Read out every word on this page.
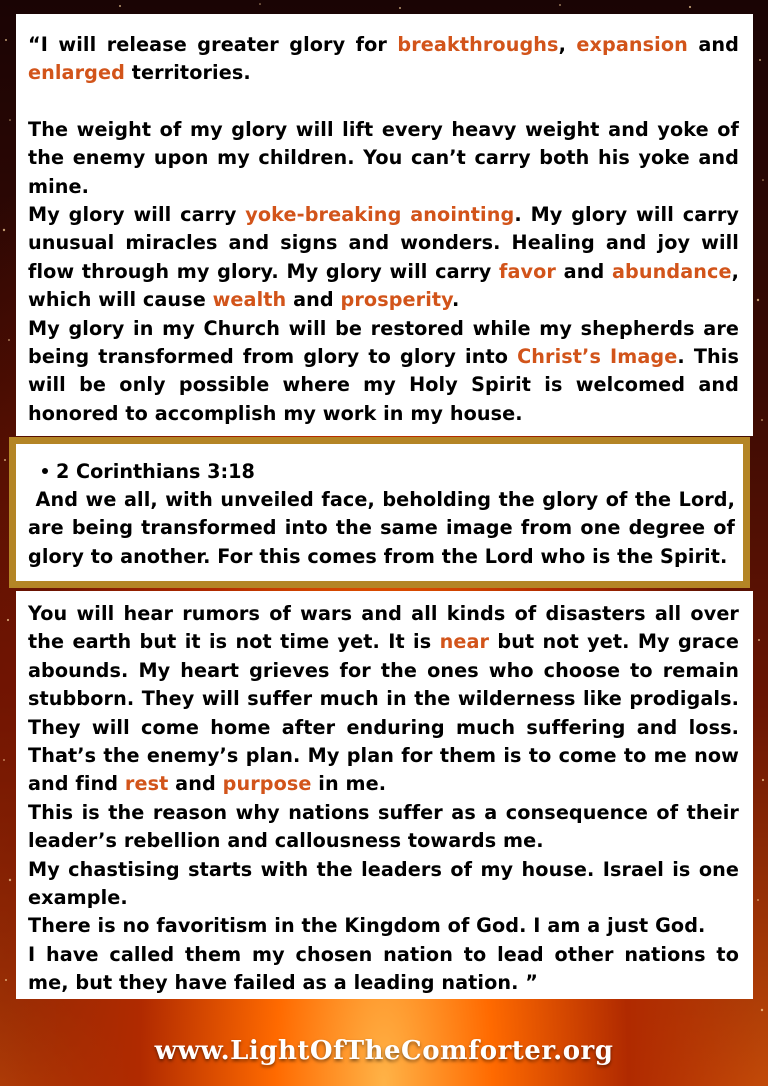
“I will release greater glory for breakthroughs, expansion and enlarged territories.

The weight of my glory will lift every heavy weight and yoke of the enemy upon my children. You can’t carry both his yoke and mine.

My glory will carry yoke-breaking anointing. My glory will carry unusual miracles and signs and wonders. Healing and joy will flow through my glory. My glory will carry favor and abundance, which will cause wealth and prosperity.

My glory in my Church will be restored while my shepherds are being transformed from glory to glory into Christ’s Image. This will be only possible where my Holy Spirit is welcomed and honored to accomplish my work in my house.

2 Corinthians 3:18

And we all, with unveiled face, beholding the glory of the Lord, are being transformed into the same image from one degree of glory to another. For this comes from the Lord who is the Spirit.

You will hear rumors of wars and all kinds of disasters all over the earth but it is not time yet. It is near but not yet. My grace abounds. My heart grieves for the ones who choose to remain stubborn. They will suffer much in the wilderness like prodigals. They will come home after enduring much suffering and loss. That’s the enemy’s plan. My plan for them is to come to me now and find rest and purpose in me.

This is the reason why nations suffer as a consequence of their leader’s rebellion and callousness towards me.

My chastising starts with the leaders of my house. Israel is one example.

There is no favoritism in the Kingdom of God. I am a just God.

I have called them my chosen nation to lead other nations to me, but they have failed as a leading nation. ”

www.LightOfTheComforter.org
